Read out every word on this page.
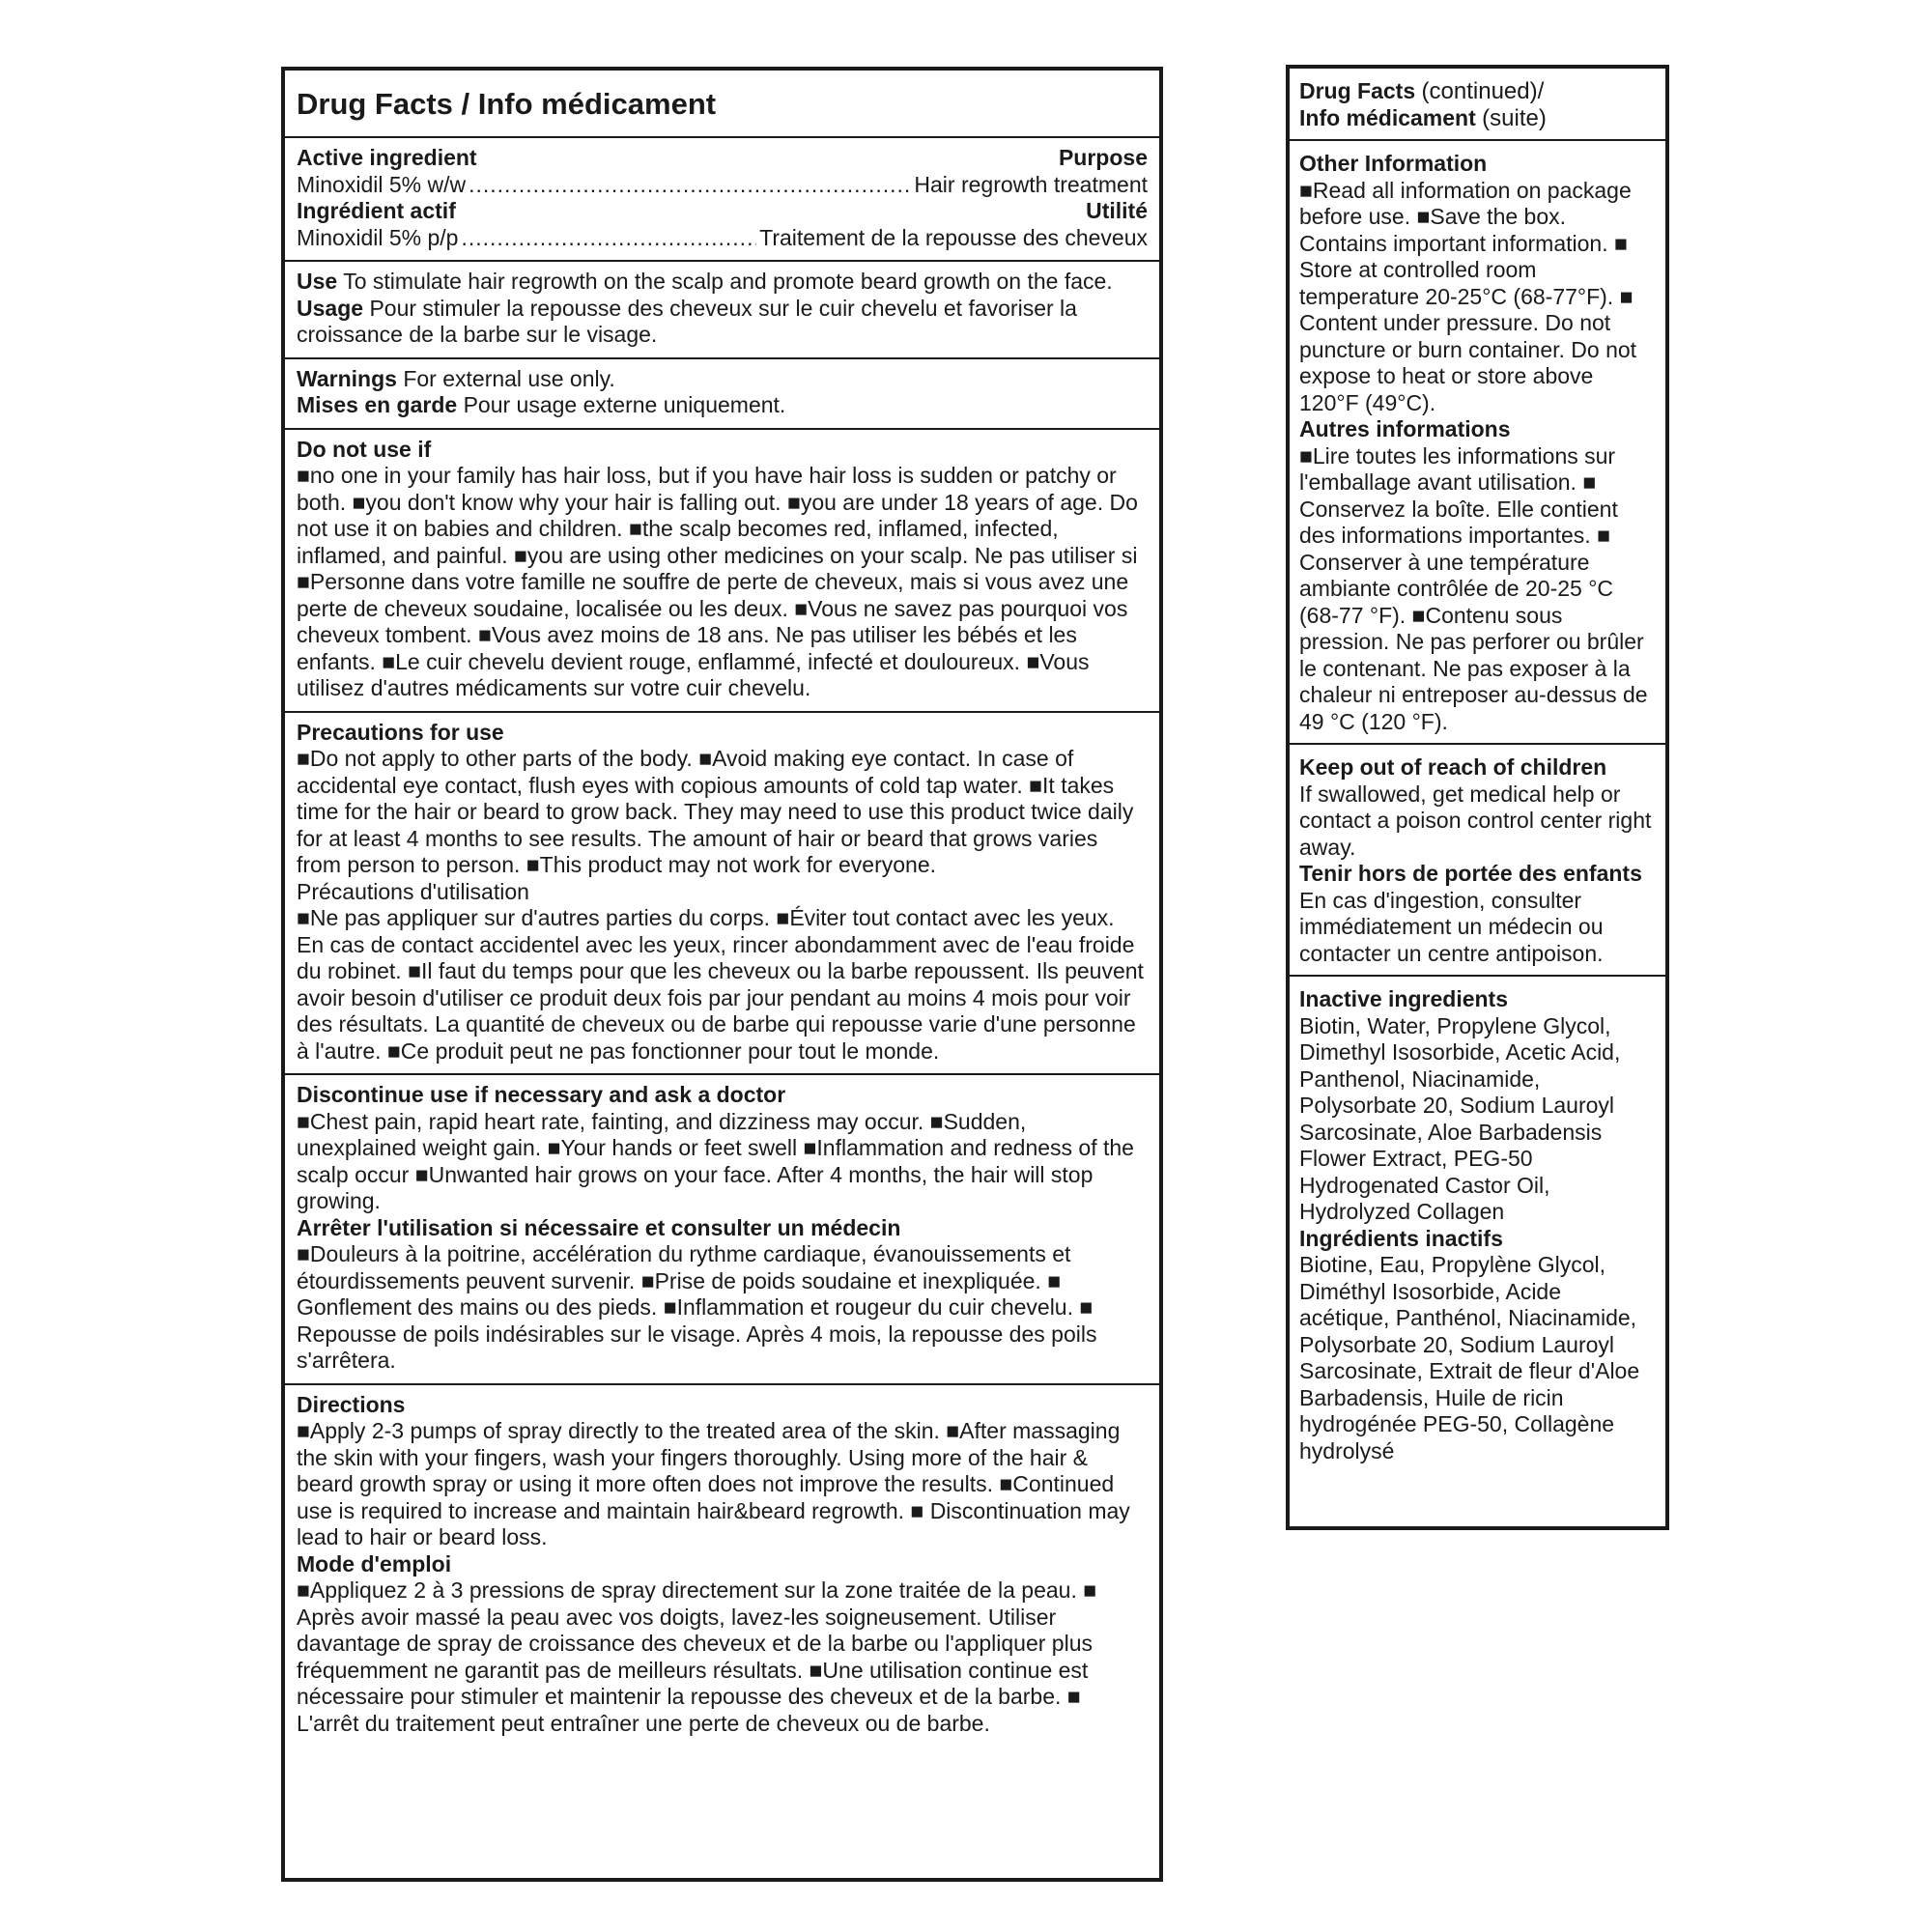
Drug Facts / Info médicament
Active ingredient	Purpose
Minoxidil 5% w/w .....	Hair regrowth treatment
Ingrédient actif	Utilité
Minoxidil 5% p/p .....	Traitement de la repousse des cheveux
Use To stimulate hair regrowth on the scalp and promote beard growth on the face.
Usage Pour stimuler la repousse des cheveux sur le cuir chevelu et favoriser la croissance de la barbe sur le visage.
Warnings For external use only.
Mises en garde Pour usage externe uniquement.
Do not use if
■no one in your family has hair loss, but if you have hair loss is sudden or patchy or both. ■you don't know why your hair is falling out. ■you are under 18 years of age. Do not use it on babies and children. ■the scalp becomes red, inflamed, infected, inflamed, and painful. ■you are using other medicines on your scalp. Ne pas utiliser si ■Personne dans votre famille ne souffre de perte de cheveux, mais si vous avez une perte de cheveux soudaine, localisée ou les deux. ■Vous ne savez pas pourquoi vos cheveux tombent. ■Vous avez moins de 18 ans. Ne pas utiliser les bébés et les enfants. ■Le cuir chevelu devient rouge, enflammé, infecté et douloureux. ■Vous utilisez d'autres médicaments sur votre cuir chevelu.
Precautions for use
■Do not apply to other parts of the body. ■Avoid making eye contact. In case of accidental eye contact, flush eyes with copious amounts of cold tap water. ■It takes time for the hair or beard to grow back. They may need to use this product twice daily for at least 4 months to see results. The amount of hair or beard that grows varies from person to person. ■This product may not work for everyone.
Précautions d'utilisation
■Ne pas appliquer sur d'autres parties du corps. ■Éviter tout contact avec les yeux. En cas de contact accidentel avec les yeux, rincer abondamment avec de l'eau froide du robinet. ■Il faut du temps pour que les cheveux ou la barbe repoussent. Ils peuvent avoir besoin d'utiliser ce produit deux fois par jour pendant au moins 4 mois pour voir des résultats. La quantité de cheveux ou de barbe qui repousse varie d'une personne à l'autre. ■Ce produit peut ne pas fonctionner pour tout le monde.
Discontinue use if necessary and ask a doctor
■Chest pain, rapid heart rate, fainting, and dizziness may occur. ■Sudden, unexplained weight gain. ■Your hands or feet swell ■Inflammation and redness of the scalp occur ■Unwanted hair grows on your face. After 4 months, the hair will stop growing.
Arrêter l'utilisation si nécessaire et consulter un médecin
■Douleurs à la poitrine, accélération du rythme cardiaque, évanouissements et étourdissements peuvent survenir. ■Prise de poids soudaine et inexpliquée. ■ Gonflement des mains ou des pieds. ■Inflammation et rougeur du cuir chevelu. ■ Repousse de poils indésirables sur le visage. Après 4 mois, la repousse des poils s'arrêtera.
Directions
■Apply 2-3 pumps of spray directly to the treated area of the skin. ■After massaging the skin with your fingers, wash your fingers thoroughly. Using more of the hair & beard growth spray or using it more often does not improve the results. ■Continued use is required to increase and maintain hair&beard regrowth. ■ Discontinuation may lead to hair or beard loss.
Mode d'emploi
■Appliquez 2 à 3 pressions de spray directement sur la zone traitée de la peau. ■ Après avoir massé la peau avec vos doigts, lavez-les soigneusement. Utiliser davantage de spray de croissance des cheveux et de la barbe ou l'appliquer plus fréquemment ne garantit pas de meilleurs résultats. ■Une utilisation continue est nécessaire pour stimuler et maintenir la repousse des cheveux et de la barbe. ■ L'arrêt du traitement peut entraîner une perte de cheveux ou de barbe.
Drug Facts (continued)/
Info médicament (suite)
Other Information
■Read all information on package before use. ■Save the box. Contains important information. ■ Store at controlled room temperature 20-25°C (68-77°F). ■ Content under pressure. Do not puncture or burn container. Do not expose to heat or store above 120°F (49°C).
Autres informations
■Lire toutes les informations sur l'emballage avant utilisation. ■ Conservez la boîte. Elle contient des informations importantes. ■ Conserver à une température ambiante contrôlée de 20-25 °C (68-77 °F). ■Contenu sous pression. Ne pas perforer ou brûler le contenant. Ne pas exposer à la chaleur ni entreposer au-dessus de 49 °C (120 °F).
Keep out of reach of children
If swallowed, get medical help or contact a poison control center right away.
Tenir hors de portée des enfants
En cas d'ingestion, consulter immédiatement un médecin ou contacter un centre antipoison.
Inactive ingredients
Biotin, Water, Propylene Glycol, Dimethyl Isosorbide, Acetic Acid, Panthenol, Niacinamide, Polysorbate 20, Sodium Lauroyl Sarcosinate, Aloe Barbadensis Flower Extract, PEG-50 Hydrogenated Castor Oil, Hydrolyzed Collagen
Ingrédients inactifs
Biotine, Eau, Propylène Glycol, Diméthyl Isosorbide, Acide acétique, Panthénol, Niacinamide, Polysorbate 20, Sodium Lauroyl Sarcosinate, Extrait de fleur d'Aloe Barbadensis, Huile de ricin hydrogénée PEG-50, Collagène hydrolysé
